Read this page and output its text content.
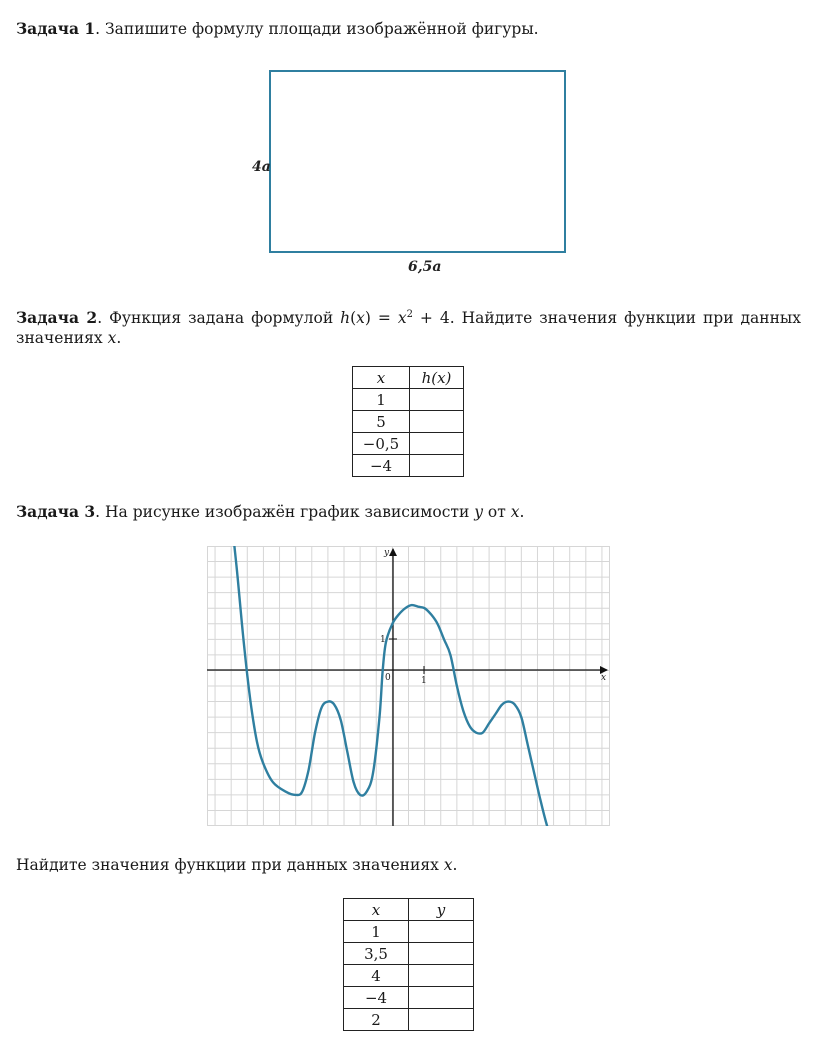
Задача 1. Запишите формулу площади изображённой фигуры.
4a
6,5a
Задача 2. Функция задана формулой $h(x) = x^2 + 4$. Найдите значения функции при данных
значениях x.
x	h(x)
1	
5	
−0,5	
−4	
Задача 3. На рисунке изображён график зависимости y от x.
0	1
1
x
y
Найдите значения функции при данных значениях x.
x	y
1	
3,5	
4	
−4	
2	
